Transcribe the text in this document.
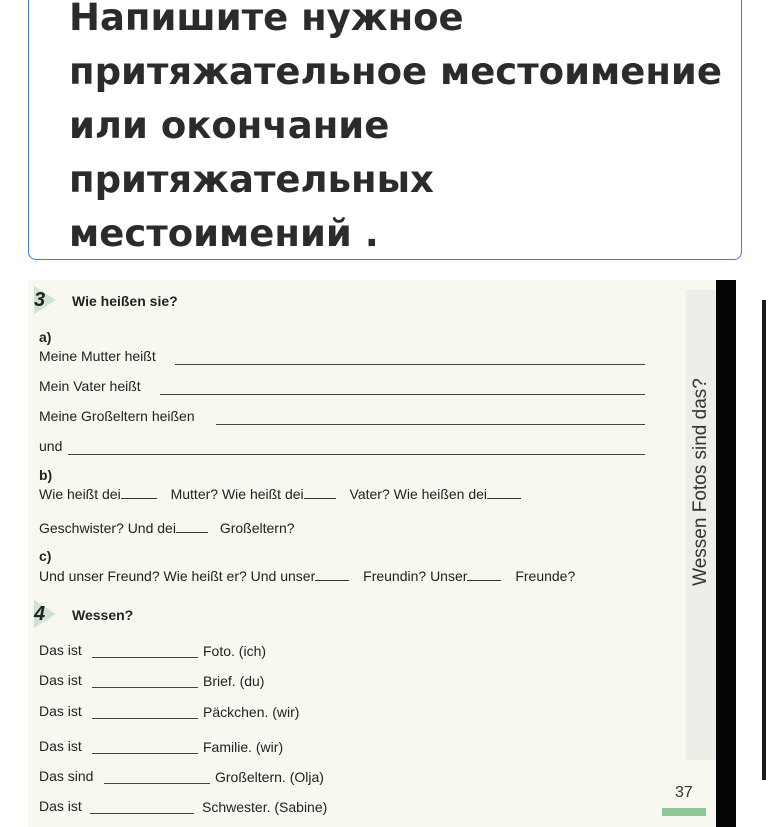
Напишите нужное
притяжательное местоимение
или окончание притяжательных
местоимений .
Wessen Fotos sind das?
3 Wie heißen sie?
a)
Meine Mutter heißt
Mein Vater heißt
Meine Großeltern heißen
und
b)
Wie heißt dei	Mutter? Wie heißt dei	Vater? Wie heißen dei
Geschwister? Und dei	Großeltern?
c)
Und unser Freund? Wie heißt er? Und unser	Freundin? Unser	Freunde?
4 Wessen?
Das ist	Foto. (ich)
Das ist	Brief. (du)
Das ist	Päckchen. (wir)
Das ist	Familie. (wir)
Das sind	Großeltern. (Olja)
Das ist	Schwester. (Sabine)
37
